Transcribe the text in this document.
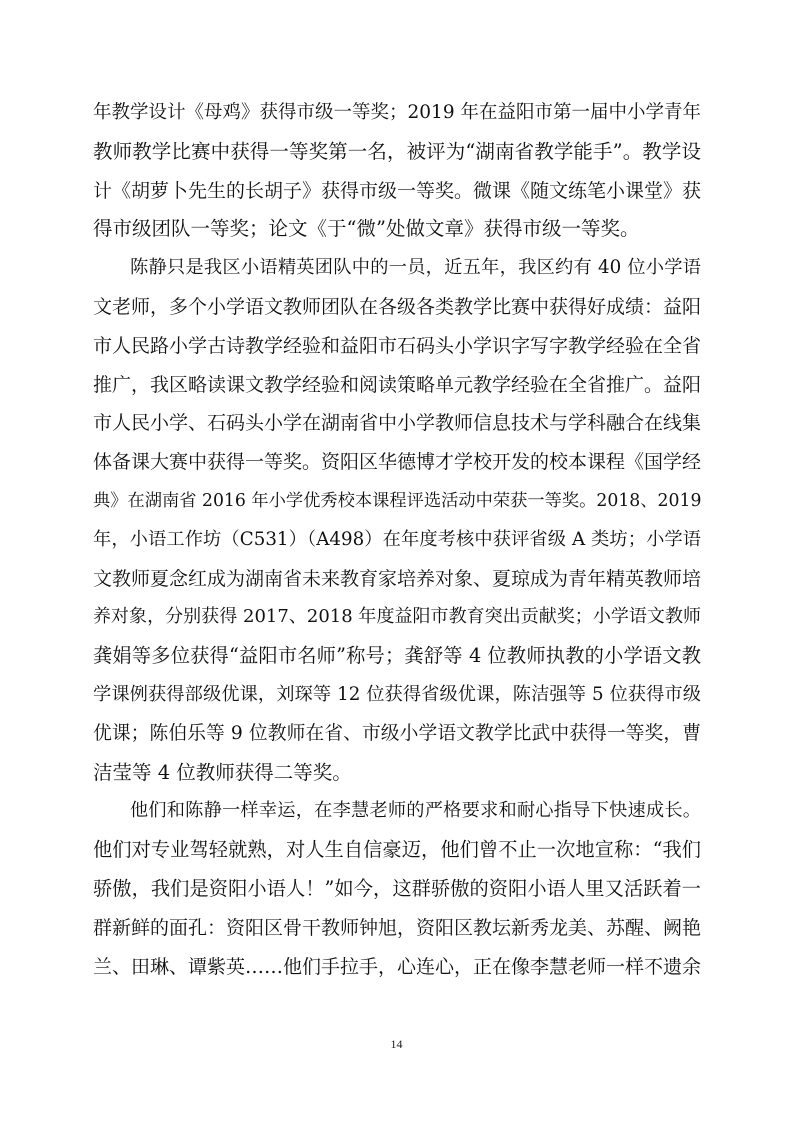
年教学设计《母鸡》获得市级一等奖；2019 年在益阳市第一届中小学青年
教师教学比赛中获得一等奖第一名，被评为“湖南省教学能手”。教学设
计《胡萝卜先生的长胡子》获得市级一等奖。微课《随文练笔小课堂》获
得市级团队一等奖；论文《于“微”处做文章》获得市级一等奖。

　　陈静只是我区小语精英团队中的一员，近五年，我区约有 40 位小学语
文老师，多个小学语文教师团队在各级各类教学比赛中获得好成绩：益阳
市人民路小学古诗教学经验和益阳市石码头小学识字写字教学经验在全省
推广，我区略读课文教学经验和阅读策略单元教学经验在全省推广。益阳
市人民小学、石码头小学在湖南省中小学教师信息技术与学科融合在线集
体备课大赛中获得一等奖。资阳区华德博才学校开发的校本课程《国学经
典》在湖南省 2016 年小学优秀校本课程评选活动中荣获一等奖。2018、2019
年，小语工作坊（C531）（A498）在年度考核中获评省级 A 类坊；小学语
文教师夏念红成为湖南省未来教育家培养对象、夏琼成为青年精英教师培
养对象，分别获得 2017、2018 年度益阳市教育突出贡献奖；小学语文教师
龚娟等多位获得“益阳市名师”称号；龚舒等 4 位教师执教的小学语文教
学课例获得部级优课，刘琛等 12 位获得省级优课，陈洁强等 5 位获得市级
优课；陈伯乐等 9 位教师在省、市级小学语文教学比武中获得一等奖，曹
洁莹等 4 位教师获得二等奖。

　　他们和陈静一样幸运，在李慧老师的严格要求和耐心指导下快速成长。
他们对专业驾轻就熟，对人生自信豪迈，他们曾不止一次地宣称：“我们
骄傲，我们是资阳小语人！”如今，这群骄傲的资阳小语人里又活跃着一
群新鲜的面孔：资阳区骨干教师钟旭，资阳区教坛新秀龙美、苏醒、阙艳
兰、田琳、谭紫英……他们手拉手，心连心，正在像李慧老师一样不遗余

14
